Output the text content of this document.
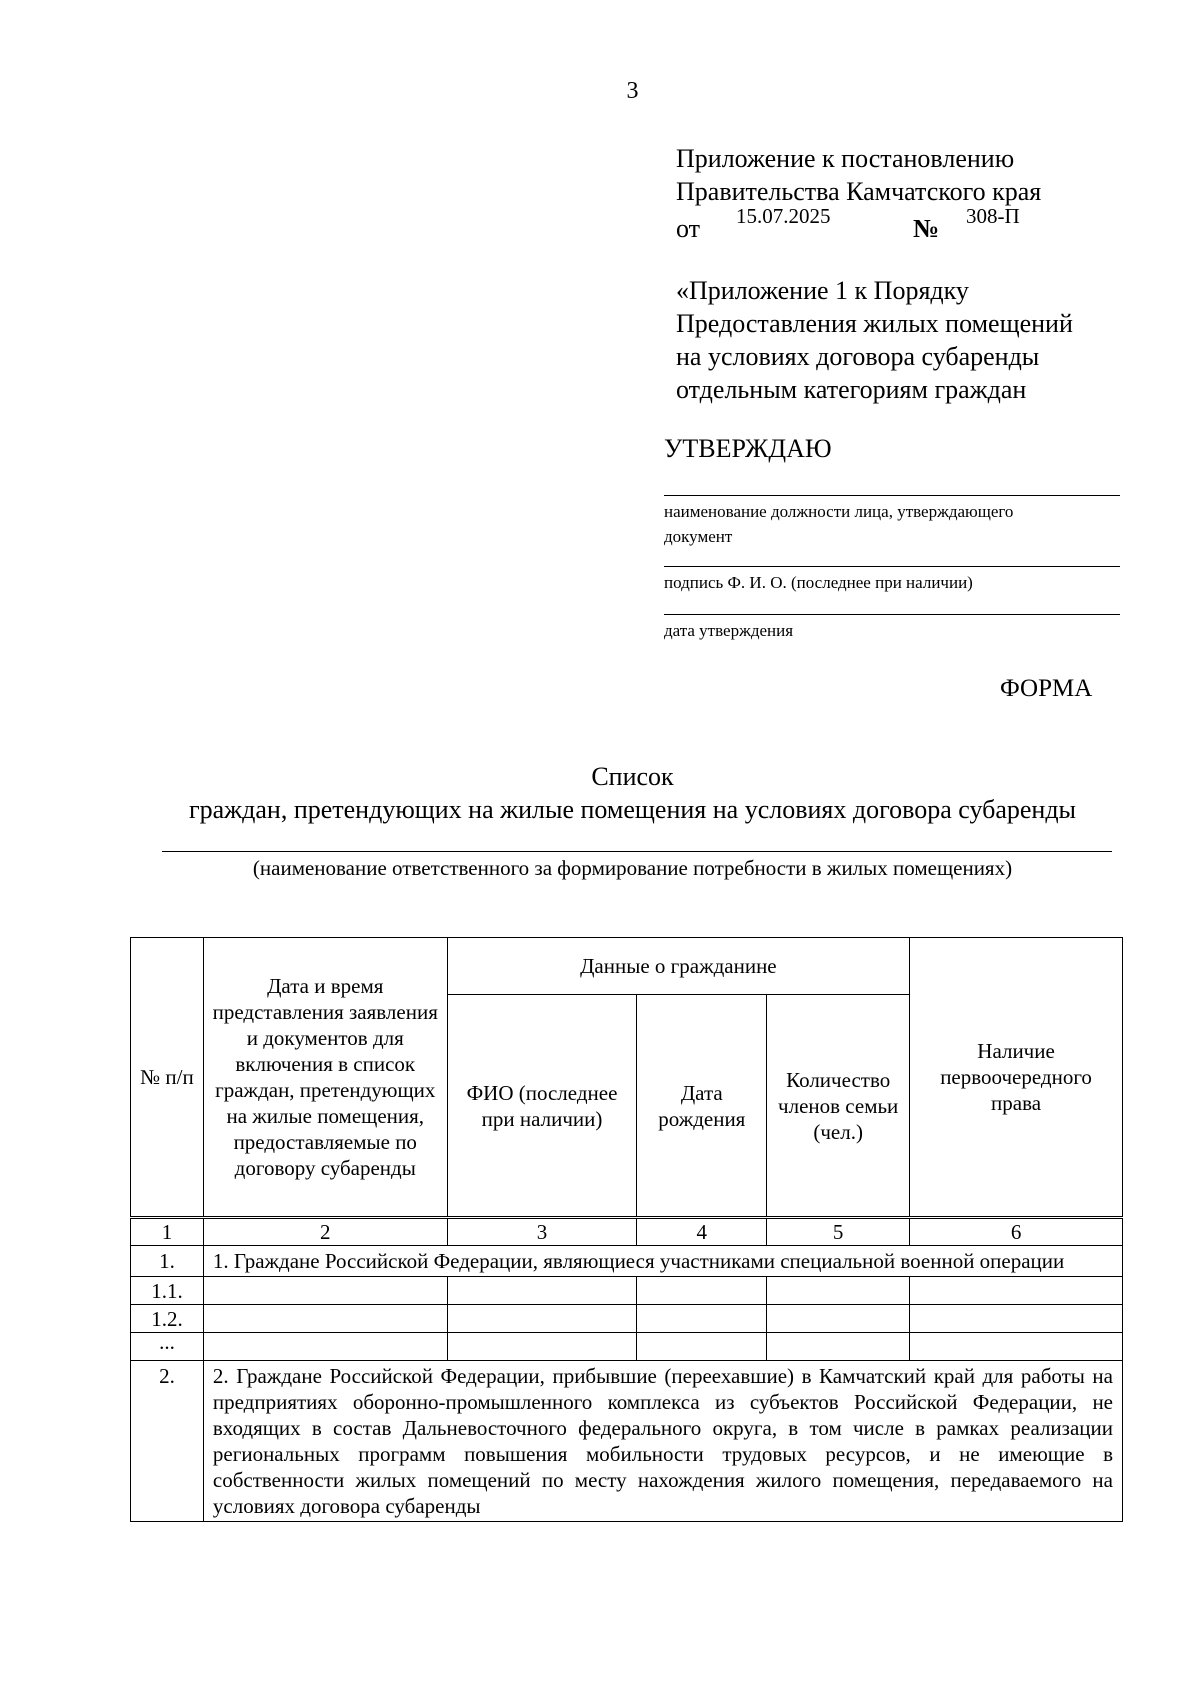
3
Приложение к постановлению
Правительства Камчатского края
от 15.07.2025	№ 308-П
«Приложение 1 к Порядку
Предоставления жилых помещений
на условиях договора субаренды
отдельным категориям граждан
УТВЕРЖДАЮ
наименование должности лица, утверждающего документ
подпись Ф. И. О. (последнее при наличии)
дата утверждения
ФОРМА
Список
граждан, претендующих на жилые помещения на условиях договора субаренды
(наименование ответственного за формирование потребности в жилых помещениях)
№ п/п	Дата и время представления заявления и документов для включения в список граждан, претендующих на жилые помещения, предоставляемые по договору субаренды	Данные о гражданине			Наличие первоочередного права
		ФИО (последнее при наличии)	Дата рождения	Количество членов семьи (чел.)	
1	2	3	4	5	6
1.	1. Граждане Российской Федерации, являющиеся участниками специальной военной операции				
1.1.					
1.2.					
...					
2.	2. Граждане Российской Федерации, прибывшие (переехавшие) в Камчатский край для работы на предприятиях оборонно-промышленного комплекса из субъектов Российской Федерации, не входящих в состав Дальневосточного федерального округа, в том числе в рамках реализации региональных программ повышения мобильности трудовых ресурсов, и не имеющие в собственности жилых помещений по месту нахождения жилого помещения, передаваемого на условиях договора субаренды				
